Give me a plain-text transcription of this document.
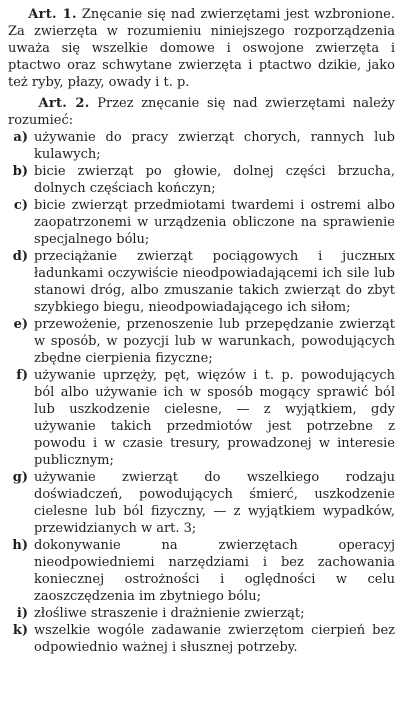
Art. 1. Znęcanie się nad zwierzętami jest wzbronione. Za zwierzęta w rozumieniu niniejszego rozporządzenia uważa się wszelkie domowe i oswojone zwierzęta i ptactwo oraz schwytane zwierzęta i ptactwo dzikie, jako też ryby, płazy, owady i t. p.

Art. 2. Przez znęcanie się nad zwierzętami należy rozumieć:

a) używanie do pracy zwierząt chorych, rannych lub kulawych;
b) bicie zwierząt po głowie, dolnej części brzucha, dolnych częściach kończyn;
c) bicie zwierząt przedmiotami twardemi i ostremi albo zaopatrzonemi w urządzenia obliczone na sprawienie specjalnego bólu;
d) przeciążanie zwierząt pociągowych i juczных ładunkami oczywiście nieodpowiadającemi ich sile lub stanowi dróg, albo zmuszanie takich zwierząt do zbyt szybkiego biegu, nieodpowiadającego ich siłom;
e) przewożenie, przenoszenie lub przepędzanie zwierząt w sposób, w pozycji lub w warunkach, powodujących zbędne cierpienia fizyczne;
f) używanie uprzęży, pęt, więzów i t. p. powodujących ból albo używanie ich w sposób mogący sprawić ból lub uszkodzenie cielesne, — z wyjątkiem, gdy używanie takich przedmiotów jest potrzebne z powodu i w czasie tresury, prowadzonej w interesie publicznym;
g) używanie zwierząt do wszelkiego rodzaju doświadczeń, powodujących śmierć, uszkodzenie cielesne lub ból fizyczny, — z wyjątkiem wypadków, przewidzianych w art. 3;
h) dokonywanie na zwierzętach operacyj nieodpowiedniemi narzędziami i bez zachowania koniecznej ostrożności i oględności w celu zaoszczędzenia im zbytniego bólu;
i) złośliwe straszenie i drażnienie zwierząt;
k) wszelkie wogóle zadawanie zwierzętom cierpień bez odpowiednio ważnej i słusznej potrzeby.
